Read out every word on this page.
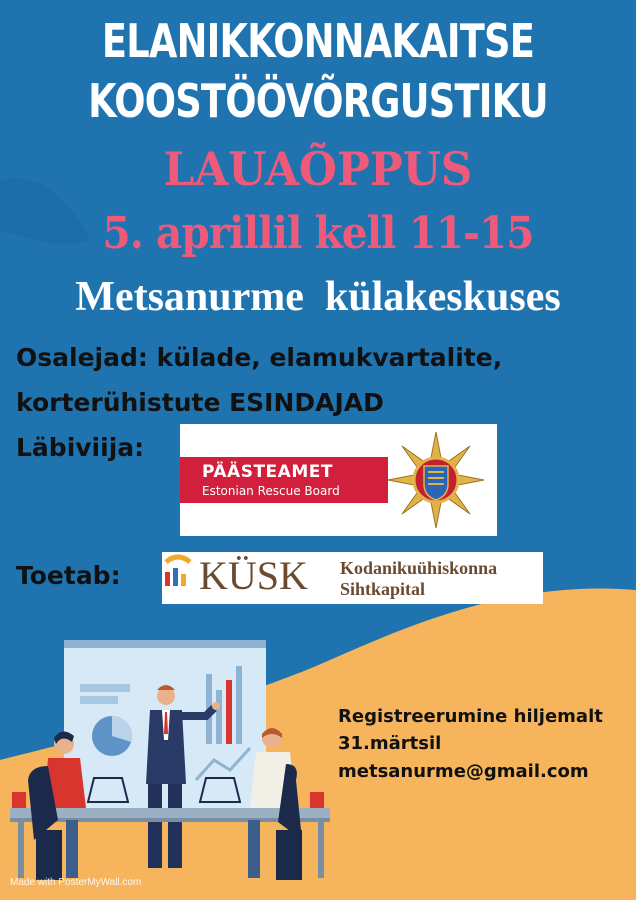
ELANIKKONNAKAITSE
KOOSTÖÖVÕRGUSTIKU
LAUAÕPPUS
5. aprillil kell 11-15
Metsanurme  külakeskuses
Osalejad: külade, elamukvartalite,
korterühistute ESINDAJAD
Läbiviija:
Toetab:
PÄÄSTEAMET
Estonian Rescue Board
KÜSK Kodanikuühiskonna
Sihtkapital
Registreerumine hiljemalt
31.märtsil
metsanurme@gmail.com
Made with PosterMyWall.com
